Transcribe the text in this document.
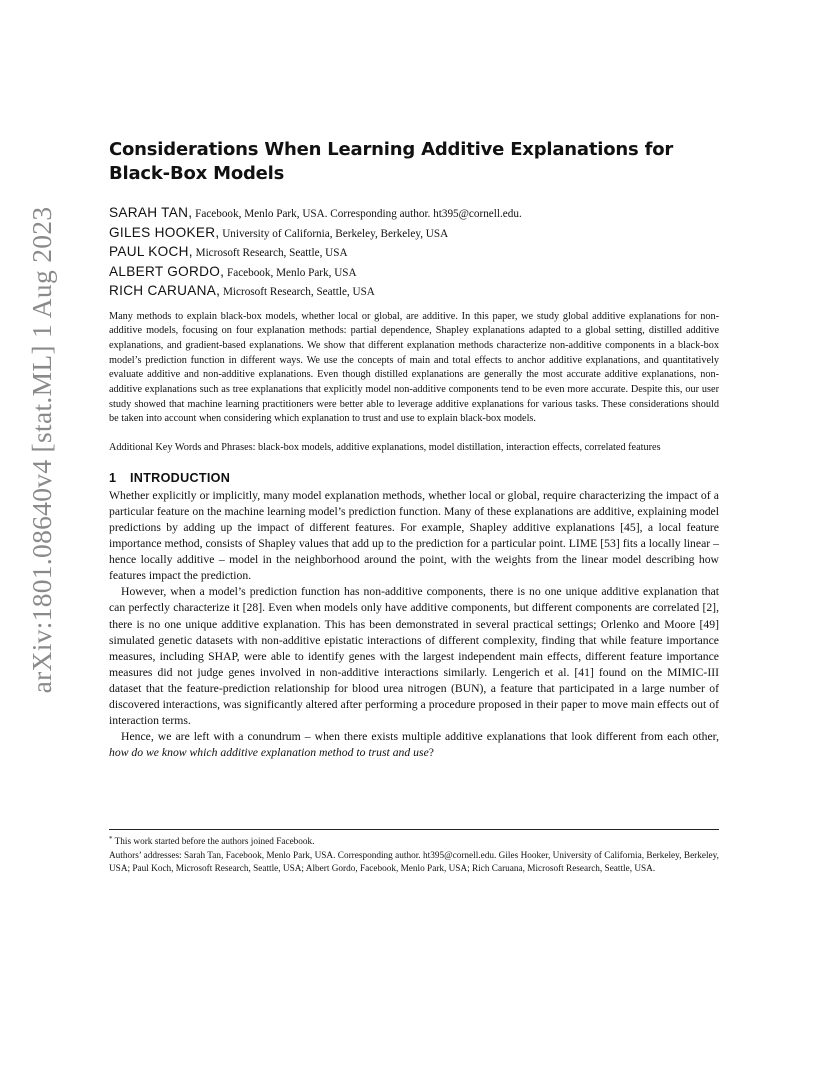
arXiv:1801.08640v4 [stat.ML] 1 Aug 2023
Considerations When Learning Additive Explanations for Black-Box Models
SARAH TAN, Facebook, Menlo Park, USA. Corresponding author. ht395@cornell.edu.
GILES HOOKER, University of California, Berkeley, Berkeley, USA
PAUL KOCH, Microsoft Research, Seattle, USA
ALBERT GORDO, Facebook, Menlo Park, USA
RICH CARUANA, Microsoft Research, Seattle, USA

Many methods to explain black-box models, whether local or global, are additive. In this paper, we study global additive explanations for non-additive models, focusing on four explanation methods: partial dependence, Shapley explanations adapted to a global setting, distilled additive explanations, and gradient-based explanations. We show that different explanation methods characterize non-additive components in a black-box model’s prediction function in different ways. We use the concepts of main and total effects to anchor additive explanations, and quantitatively evaluate additive and non-additive explanations. Even though distilled explanations are generally the most accurate additive explanations, non-additive explanations such as tree explanations that explicitly model non-additive components tend to be even more accurate. Despite this, our user study showed that machine learning practitioners were better able to leverage additive explanations for various tasks. These considerations should be taken into account when considering which explanation to trust and use to explain black-box models.

Additional Key Words and Phrases: black-box models, additive explanations, model distillation, interaction effects, correlated features

1 INTRODUCTION

Whether explicitly or implicitly, many model explanation methods, whether local or global, require characterizing the impact of a particular feature on the machine learning model’s prediction function. Many of these explanations are additive, explaining model predictions by adding up the impact of different features. For example, Shapley additive explanations [45], a local feature importance method, consists of Shapley values that add up to the prediction for a particular point. LIME [53] fits a locally linear – hence locally additive – model in the neighborhood around the point, with the weights from the linear model describing how features impact the prediction.

However, when a model’s prediction function has non-additive components, there is no one unique additive explanation that can perfectly characterize it [28]. Even when models only have additive components, but different components are correlated [2], there is no one unique additive explanation. This has been demonstrated in several practical settings; Orlenko and Moore [49] simulated genetic datasets with non-additive epistatic interactions of different complexity, finding that while feature importance measures, including SHAP, were able to identify genes with the largest independent main effects, different feature importance measures did not judge genes involved in non-additive interactions similarly. Lengerich et al. [41] found on the MIMIC-III dataset that the feature-prediction relationship for blood urea nitrogen (BUN), a feature that participated in a large number of discovered interactions, was significantly altered after performing a procedure proposed in their paper to move main effects out of interaction terms.

Hence, we are left with a conundrum – when there exists multiple additive explanations that look different from each other, how do we know which additive explanation method to trust and use?

* This work started before the authors joined Facebook.

Authors’ addresses: Sarah Tan, Facebook, Menlo Park, USA. Corresponding author. ht395@cornell.edu. Giles Hooker, University of California, Berkeley, Berkeley, USA; Paul Koch, Microsoft Research, Seattle, USA; Albert Gordo, Facebook, Menlo Park, USA; Rich Caruana, Microsoft Research, Seattle, USA.
